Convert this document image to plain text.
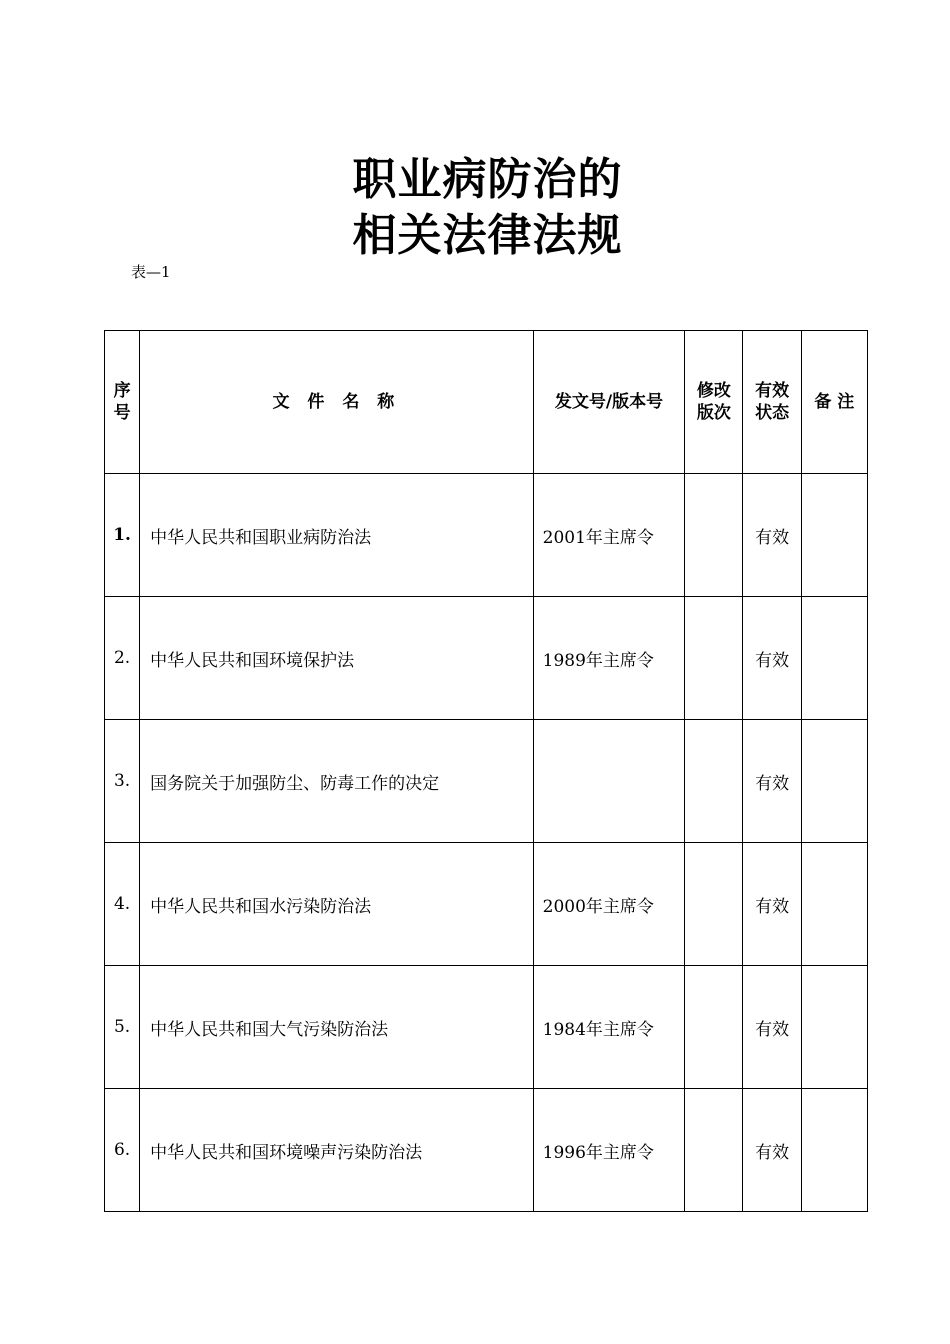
职业病防治的
相关法律法规
表—1
序号	文 件 名 称	发文号/版本号	修改版次	有效状态	备 注
1.	中华人民共和国职业病防治法	2001年主席令		有效	
2.	中华人民共和国环境保护法	1989年主席令		有效	
3.	国务院关于加强防尘、防毒工作的决定			有效	
4.	中华人民共和国水污染防治法	2000年主席令		有效	
5.	中华人民共和国大气污染防治法	1984年主席令		有效	
6.	中华人民共和国环境噪声污染防治法	1996年主席令		有效	
